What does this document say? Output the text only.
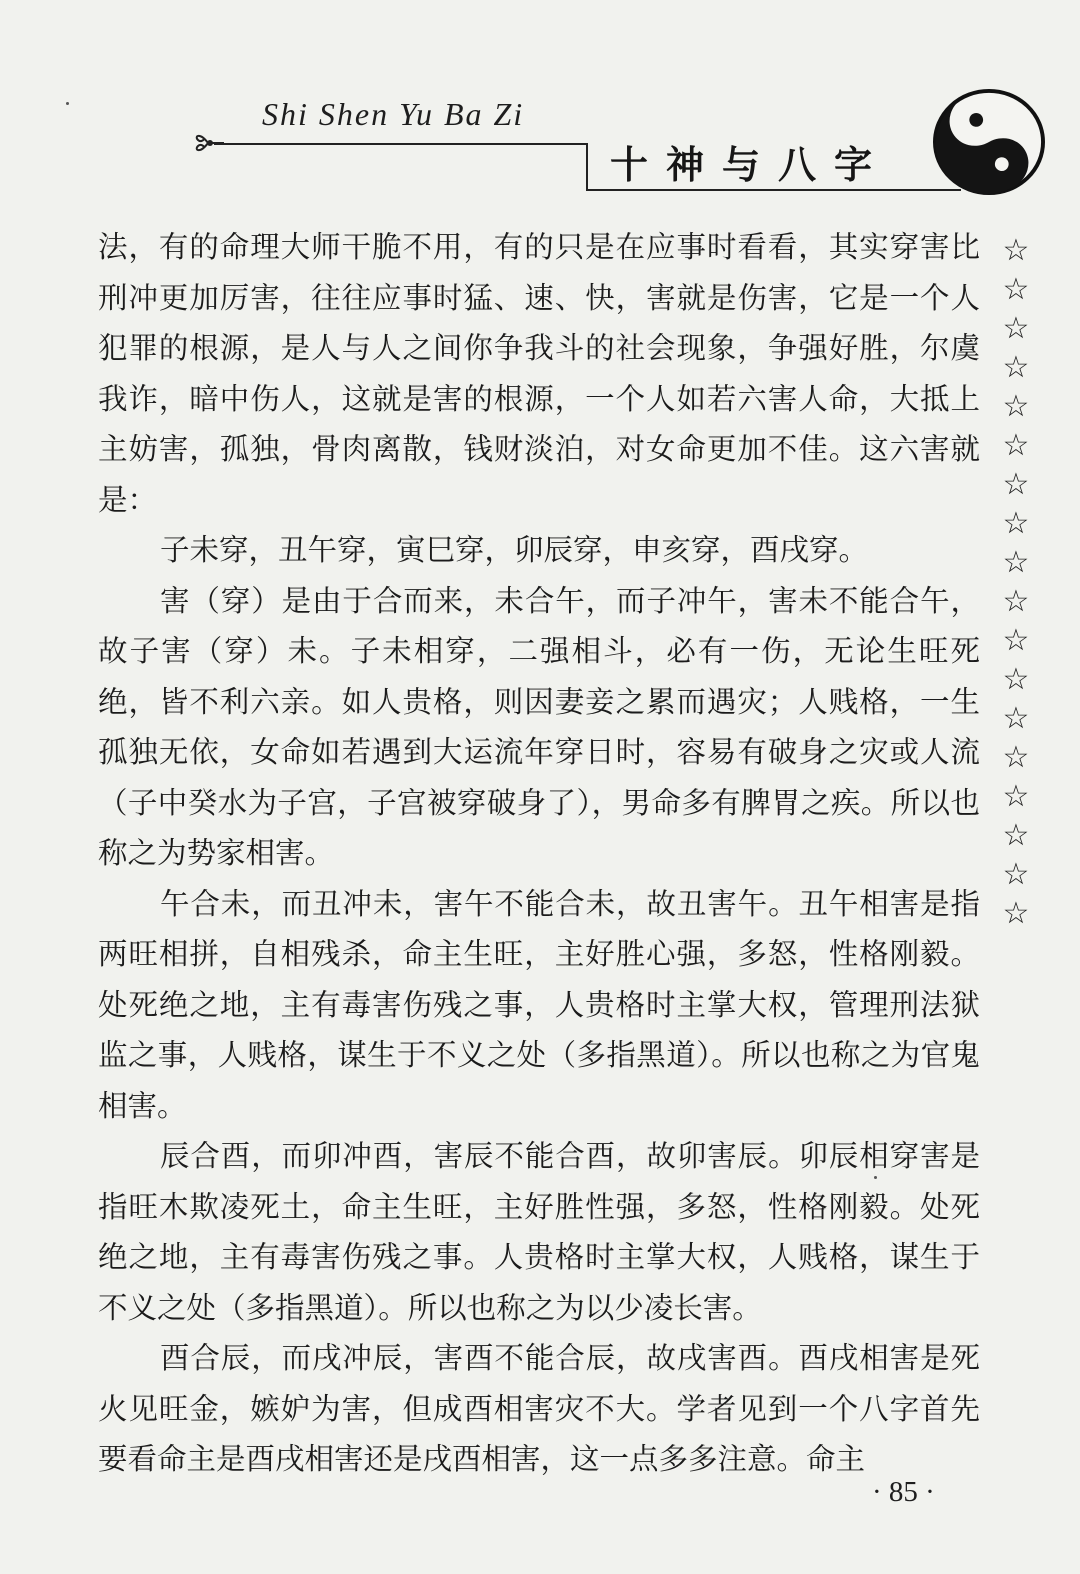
Shi Shen Yu Ba Zi
十神与八字

法，有的命理大师干脆不用，有的只是在应事时看看，其实穿害比刑冲更加厉害，往往应事时猛、速、快，害就是伤害，它是一个人犯罪的根源，是人与人之间你争我斗的社会现象，争强好胜，尔虞我诈，暗中伤人，这就是害的根源，一个人如若六害人命，大抵上主妨害，孤独，骨肉离散，钱财淡泊，对女命更加不佳。这六害就是：

子未穿，丑午穿，寅巳穿，卯辰穿，申亥穿，酉戌穿。

害（穿）是由于合而来，未合午，而子冲午，害未不能合午，故子害（穿）未。子未相穿，二强相斗，必有一伤，无论生旺死绝，皆不利六亲。如人贵格，则因妻妾之累而遇灾；人贱格，一生孤独无依，女命如若遇到大运流年穿日时，容易有破身之灾或人流（子中癸水为子宫，子宫被穿破身了），男命多有脾胃之疾。所以也称之为势家相害。

午合未，而丑冲未，害午不能合未，故丑害午。丑午相害是指两旺相拼，自相残杀，命主生旺，主好胜心强，多怒，性格刚毅。处死绝之地，主有毒害伤残之事，人贵格时主掌大权，管理刑法狱监之事，人贱格，谋生于不义之处（多指黑道）。所以也称之为官鬼相害。

辰合酉，而卯冲酉，害辰不能合酉，故卯害辰。卯辰相穿害是指旺木欺凌死土，命主生旺，主好胜性强，多怒，性格刚毅。处死绝之地，主有毒害伤残之事。人贵格时主掌大权，人贱格，谋生于不义之处（多指黑道）。所以也称之为以少凌长害。

酉合辰，而戌冲辰，害酉不能合辰，故戌害酉。酉戌相害是死火见旺金，嫉妒为害，但成酉相害灾不大。学者见到一个八字首先要看命主是酉戌相害还是戌酉相害，这一点多多注意。命主

☆
☆
☆
☆
☆
☆
☆
☆
☆
☆
☆
☆
☆
☆
☆
☆
☆
☆
· 85 ·
